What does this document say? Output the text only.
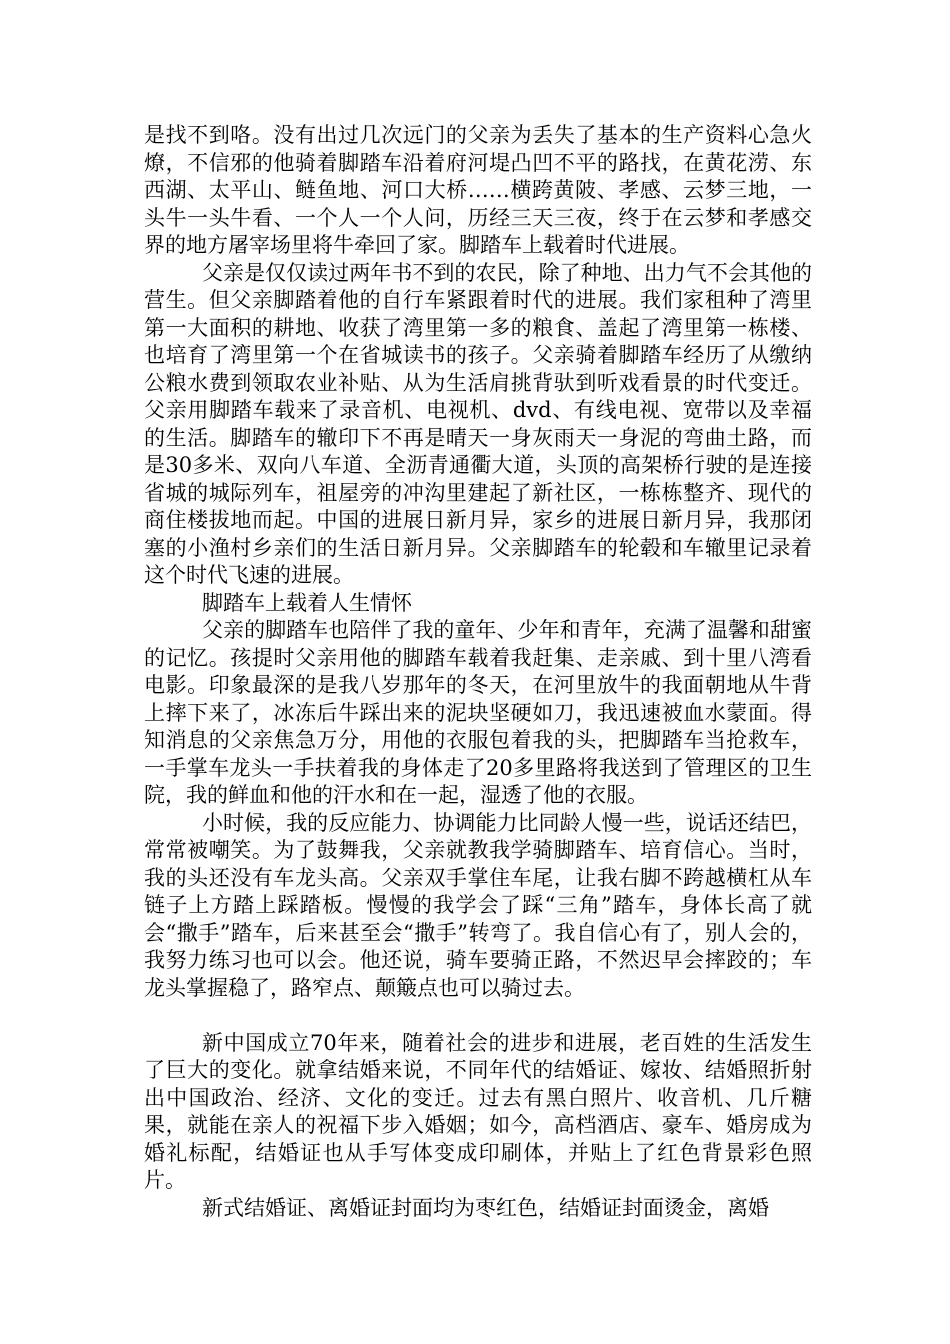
是找不到咯。没有出过几次远门的父亲为丢失了基本的生产资料心急火燎，不信邪的他骑着脚踏车沿着府河堤凸凹不平的路找，在黄花涝、东西湖、太平山、鲢鱼地、河口大桥……横跨黄陂、孝感、云梦三地，一头牛一头牛看、一个人一个人问，历经三天三夜，终于在云梦和孝感交界的地方屠宰场里将牛牵回了家。脚踏车上载着时代进展。

父亲是仅仅读过两年书不到的农民，除了种地、出力气不会其他的营生。但父亲脚踏着他的自行车紧跟着时代的进展。我们家租种了湾里第一大面积的耕地、收获了湾里第一多的粮食、盖起了湾里第一栋楼、也培育了湾里第一个在省城读书的孩子。父亲骑着脚踏车经历了从缴纳公粮水费到领取农业补贴、从为生活肩挑背驮到听戏看景的时代变迁。父亲用脚踏车载来了录音机、电视机、dvd、有线电视、宽带以及幸福的生活。脚踏车的辙印下不再是晴天一身灰雨天一身泥的弯曲土路，而是30多米、双向八车道、全沥青通衢大道，头顶的高架桥行驶的是连接省城的城际列车，祖屋旁的冲沟里建起了新社区，一栋栋整齐、现代的商住楼拔地而起。中国的进展日新月异，家乡的进展日新月异，我那闭塞的小渔村乡亲们的生活日新月异。父亲脚踏车的轮毂和车辙里记录着这个时代飞速的进展。

脚踏车上载着人生情怀

父亲的脚踏车也陪伴了我的童年、少年和青年，充满了温馨和甜蜜的记忆。孩提时父亲用他的脚踏车载着我赶集、走亲戚、到十里八湾看电影。印象最深的是我八岁那年的冬天，在河里放牛的我面朝地从牛背上摔下来了，冰冻后牛踩出来的泥块坚硬如刀，我迅速被血水蒙面。得知消息的父亲焦急万分，用他的衣服包着我的头，把脚踏车当抢救车，一手掌车龙头一手扶着我的身体走了20多里路将我送到了管理区的卫生院，我的鲜血和他的汗水和在一起，湿透了他的衣服。

小时候，我的反应能力、协调能力比同龄人慢一些，说话还结巴，常常被嘲笑。为了鼓舞我，父亲就教我学骑脚踏车、培育信心。当时，我的头还没有车龙头高。父亲双手掌住车尾，让我右脚不跨越横杠从车链子上方踏上踩踏板。慢慢的我学会了踩“三角”踏车，身体长高了就会“撒手”踏车，后来甚至会“撒手”转弯了。我自信心有了，别人会的，我努力练习也可以会。他还说，骑车要骑正路，不然迟早会摔跤的；车龙头掌握稳了，路窄点、颠簸点也可以骑过去。

新中国成立70年来，随着社会的进步和进展，老百姓的生活发生了巨大的变化。就拿结婚来说，不同年代的结婚证、嫁妆、结婚照折射出中国政治、经济、文化的变迁。过去有黑白照片、收音机、几斤糖果，就能在亲人的祝福下步入婚姻；如今，高档酒店、豪车、婚房成为婚礼标配，结婚证也从手写体变成印刷体，并贴上了红色背景彩色照片。

新式结婚证、离婚证封面均为枣红色，结婚证封面烫金，离婚
